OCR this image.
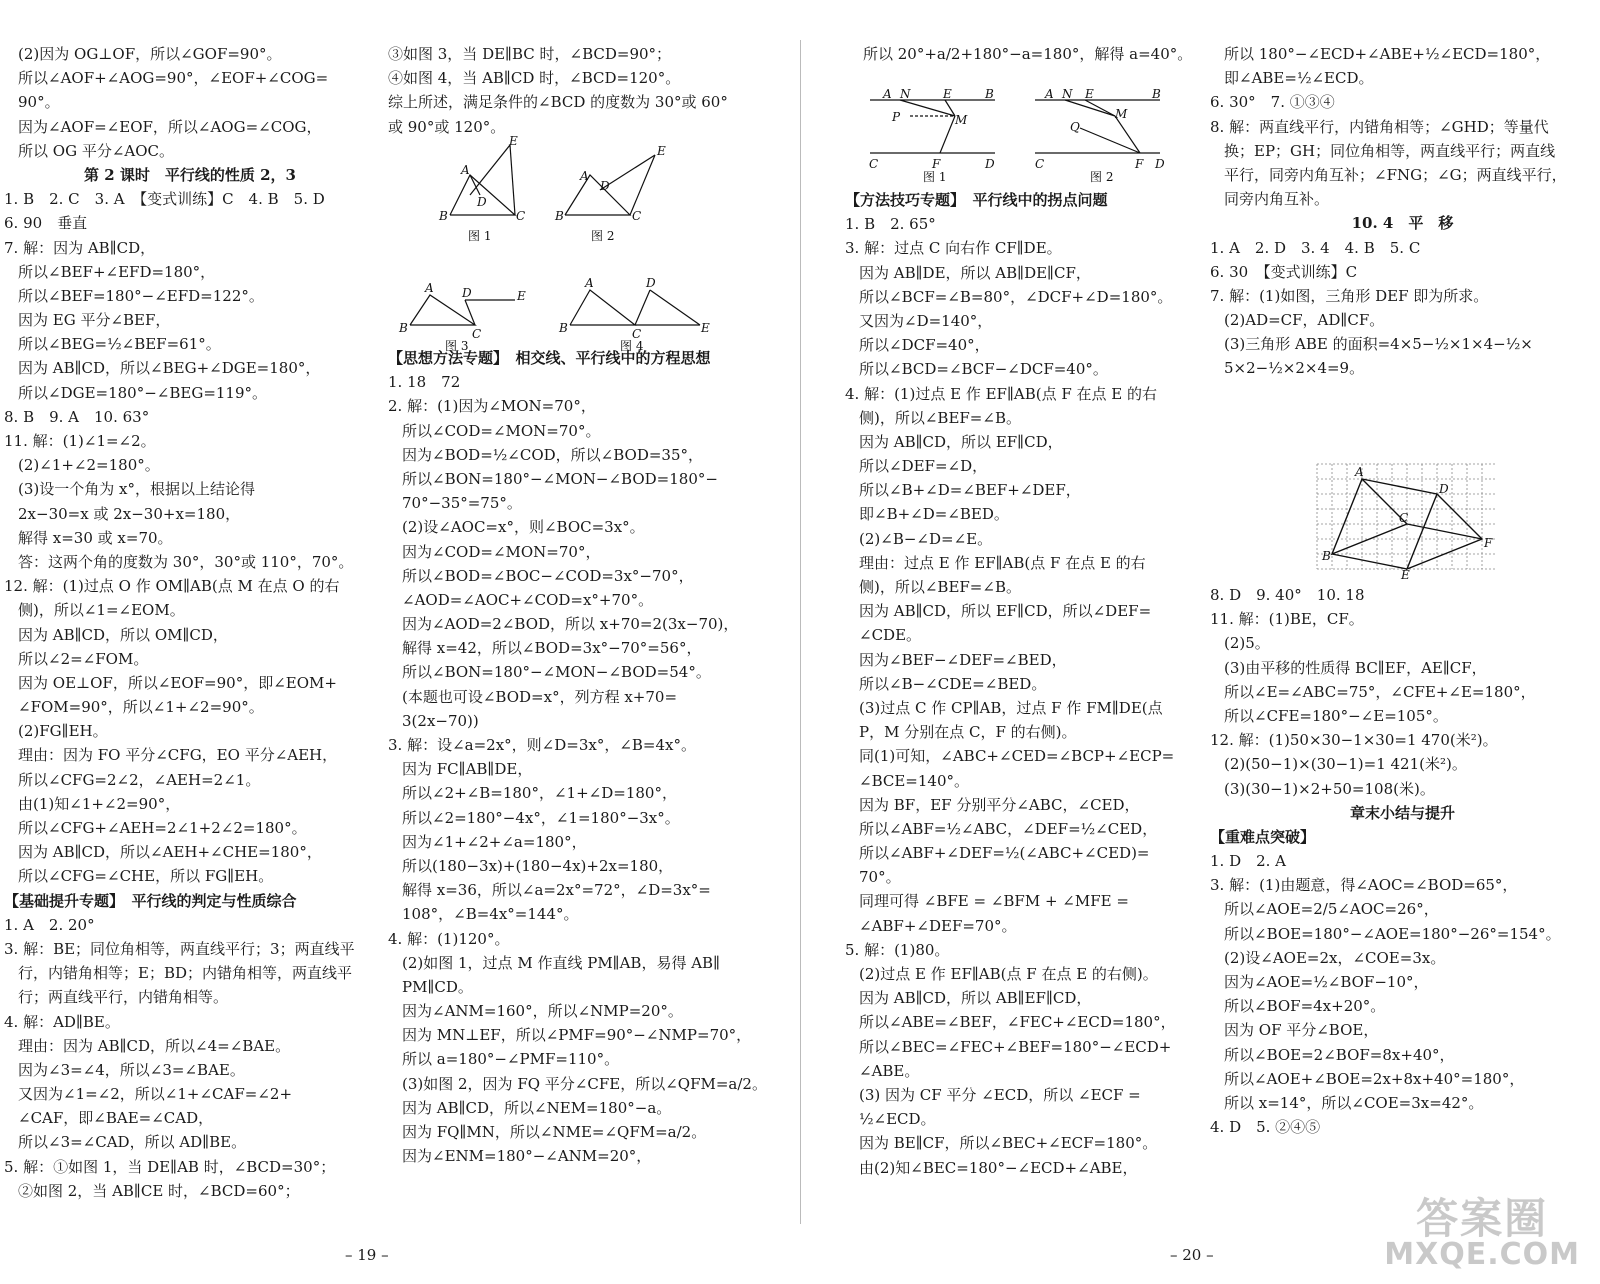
(2)因为 OG⊥OF，所以∠GOF=90°。
所以∠AOF+∠AOG=90°，∠EOF+∠COG=
90°。
因为∠AOF=∠EOF，所以∠AOG=∠COG，
所以 OG 平分∠AOC。
第 2 课时　平行线的性质 2，3
1. B　2. C　3. A　【变式训练】C　4. B　5. D
6. 90　垂直
7. 解：因为 AB∥CD，
所以∠BEF+∠EFD=180°，
所以∠BEF=180°−∠EFD=122°。
因为 EG 平分∠BEF，
所以∠BEG=½∠BEF=61°。
因为 AB∥CD，所以∠BEG+∠DGE=180°，
所以∠DGE=180°−∠BEG=119°。
8. B　9. A　10. 63°
11. 解：(1)∠1=∠2。
(2)∠1+∠2=180°。
(3)设一个角为 x°，根据以上结论得
2x−30=x 或 2x−30+x=180，
解得 x=30 或 x=70。
答：这两个角的度数为 30°，30°或 110°，70°。
12. 解：(1)过点 O 作 OM∥AB(点 M 在点 O 的右
侧)，所以∠1=∠EOM。
因为 AB∥CD，所以 OM∥CD，
所以∠2=∠FOM。
因为 OE⊥OF，所以∠EOF=90°，即∠EOM+
∠FOM=90°，所以∠1+∠2=90°。
(2)FG∥EH。
理由：因为 FO 平分∠CFG，EO 平分∠AEH，
所以∠CFG=2∠2，∠AEH=2∠1。
由(1)知∠1+∠2=90°，
所以∠CFG+∠AEH=2∠1+2∠2=180°。
因为 AB∥CD，所以∠AEH+∠CHE=180°，
所以∠CFG=∠CHE，所以 FG∥EH。
【基础提升专题】　平行线的判定与性质综合
1. A　2. 20°
3. 解：BE；同位角相等，两直线平行；3；两直线平
行，内错角相等；E；BD；内错角相等，两直线平
行；两直线平行，内错角相等。
4. 解：AD∥BE。
理由：因为 AB∥CD，所以∠4=∠BAE。
因为∠3=∠4，所以∠3=∠BAE。
又因为∠1=∠2，所以∠1+∠CAF=∠2+
∠CAF，即∠BAE=∠CAD，
所以∠3=∠CAD，所以 AD∥BE。
5. 解：①如图 1，当 DE∥AB 时，∠BCD=30°；
②如图 2，当 AB∥CE 时，∠BCD=60°；
③如图 3，当 DE∥BC 时，∠BCD=90°；
④如图 4，当 AB∥CD 时，∠BCD=120°。
综上所述，满足条件的∠BCD 的度数为 30°或 60°
或 90°或 120°。
E
A
D
B	C
E
A
D
B	C
A D	E
B	C
A	D
B	C	E
图 1	图 2
图 3	图 4
【思想方法专题】　相交线、平行线中的方程思想
1. 18　72
2. 解：(1)因为∠MON=70°，
所以∠COD=∠MON=70°。
因为∠BOD=½∠COD，所以∠BOD=35°，
所以∠BON=180°−∠MON−∠BOD=180°−
70°−35°=75°。
(2)设∠AOC=x°，则∠BOC=3x°。
因为∠COD=∠MON=70°，
所以∠BOD=∠BOC−∠COD=3x°−70°，
∠AOD=∠AOC+∠COD=x°+70°。
因为∠AOD=2∠BOD，所以 x+70=2(3x−70)，
解得 x=42，所以∠BOD=3x°−70°=56°，
所以∠BON=180°−∠MON−∠BOD=54°。
(本题也可设∠BOD=x°，列方程 x+70=
3(2x−70))
3. 解：设∠a=2x°，则∠D=3x°，∠B=4x°。
因为 FC∥AB∥DE，
所以∠2+∠B=180°，∠1+∠D=180°，
所以∠2=180°−4x°，∠1=180°−3x°。
因为∠1+∠2+∠a=180°，
所以(180−3x)+(180−4x)+2x=180，
解得 x=36，所以∠a=2x°=72°，∠D=3x°=
108°，∠B=4x°=144°。
4. 解：(1)120°。
(2)如图 1，过点 M 作直线 PM∥AB，易得 AB∥
PM∥CD。
因为∠ANM=160°，所以∠NMP=20°。
因为 MN⊥EF，所以∠PMF=90°−∠NMP=70°，
所以 a=180°−∠PMF=110°。
(3)如图 2，因为 FQ 平分∠CFE，所以∠QFM=a/2。
因为 AB∥CD，所以∠NEM=180°−a。
因为 FQ∥MN，所以∠NME=∠QFM=a/2。
因为∠ENM=180°−∠ANM=20°，
– 19 –
所以 20°+a/2+180°−a=180°，解得 a=40°。
A N	E	B
P	M
C	F	D
A N E	B
M
Q
C	F D
图 1	图 2
【方法技巧专题】　平行线中的拐点问题
1. B　2. 65°
3. 解：过点 C 向右作 CF∥DE。
因为 AB∥DE，所以 AB∥DE∥CF，
所以∠BCF=∠B=80°，∠DCF+∠D=180°。
又因为∠D=140°，
所以∠DCF=40°，
所以∠BCD=∠BCF−∠DCF=40°。
4. 解：(1)过点 E 作 EF∥AB(点 F 在点 E 的右
侧)，所以∠BEF=∠B。
因为 AB∥CD，所以 EF∥CD，
所以∠DEF=∠D，
所以∠B+∠D=∠BEF+∠DEF，
即∠B+∠D=∠BED。
(2)∠B−∠D=∠E。
理由：过点 E 作 EF∥AB(点 F 在点 E 的右
侧)，所以∠BEF=∠B。
因为 AB∥CD，所以 EF∥CD，所以∠DEF=
∠CDE。
因为∠BEF−∠DEF=∠BED，
所以∠B−∠CDE=∠BED。
(3)过点 C 作 CP∥AB，过点 F 作 FM∥DE(点
P，M 分别在点 C，F 的右侧)。
同(1)可知，∠ABC+∠CED=∠BCP+∠ECP=
∠BCE=140°。
因为 BF，EF 分别平分∠ABC，∠CED，
所以∠ABF=½∠ABC，∠DEF=½∠CED，
所以∠ABF+∠DEF=½(∠ABC+∠CED)=
70°。
同理可得 ∠BFE = ∠BFM + ∠MFE =
∠ABF+∠DEF=70°。
5. 解：(1)80。
(2)过点 E 作 EF∥AB(点 F 在点 E 的右侧)。
因为 AB∥CD，所以 AB∥EF∥CD，
所以∠ABE=∠BEF，∠FEC+∠ECD=180°，
所以∠BEC=∠FEC+∠BEF=180°−∠ECD+
∠ABE。
(3) 因为 CF 平分 ∠ECD，所以 ∠ECF =
½∠ECD。
因为 BE∥CF，所以∠BEC+∠ECF=180°。
由(2)知∠BEC=180°−∠ECD+∠ABE，
所以 180°−∠ECD+∠ABE+½∠ECD=180°，
即∠ABE=½∠ECD。
6. 30°　7. ①③④
8. 解：两直线平行，内错角相等；∠GHD；等量代
换；EP；GH；同位角相等，两直线平行；两直线
平行，同旁内角互补；∠FNG；∠G；两直线平行，
同旁内角互补。
10. 4　平　移
1. A　2. D　3. 4　4. B　5. C
6. 30　【变式训练】C
7. 解：(1)如图，三角形 DEF 即为所求。
(2)AD=CF，AD∥CF。
(3)三角形 ABE 的面积=4×5−½×1×4−½×
5×2−½×2×4=9。
A
D
C
B
E
F
8. D　9. 40°　10. 18
11. 解：(1)BE，CF。
(2)5。
(3)由平移的性质得 BC∥EF，AE∥CF，
所以∠E=∠ABC=75°，∠CFE+∠E=180°，
所以∠CFE=180°−∠E=105°。
12. 解：(1)50×30−1×30=1 470(米²)。
(2)(50−1)×(30−1)=1 421(米²)。
(3)(30−1)×2+50=108(米)。
章末小结与提升
【重难点突破】
1. D　2. A
3. 解：(1)由题意，得∠AOC=∠BOD=65°，
所以∠AOE=2/5∠AOC=26°，
所以∠BOE=180°−∠AOE=180°−26°=154°。
(2)设∠AOE=2x，∠COE=3x。
因为∠AOE=½∠BOF−10°，
所以∠BOF=4x+20°。
因为 OF 平分∠BOE，
所以∠BOE=2∠BOF=8x+40°，
所以∠AOE+∠BOE=2x+8x+40°=180°，
所以 x=14°，所以∠COE=3x=42°。
4. D　5. ②④⑤
– 20 –
答案圈
MXQE.COM
